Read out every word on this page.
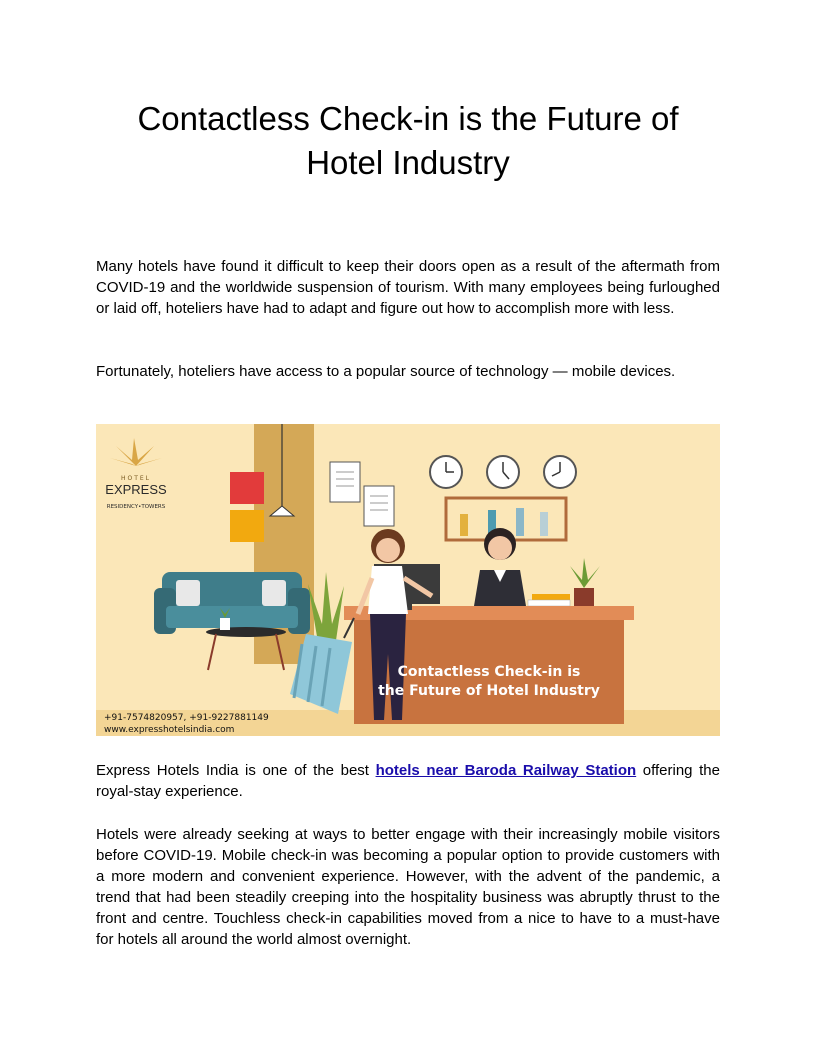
Contactless Check-in is the Future of Hotel Industry

Many hotels have found it difficult to keep their doors open as a result of the aftermath from COVID-19 and the worldwide suspension of tourism. With many employees being furloughed or laid off, hoteliers have had to adapt and figure out how to accomplish more with less.

Fortunately, hoteliers have access to a popular source of technology — mobile devices.

Contactless Check-in is
the Future of Hotel Industry
HOTEL
EXPRESS
RESIDENCY•TOWERS
+91-7574820957, +91-9227881149
www.expresshotelsindia.com

Express Hotels India is one of the best hotels near Baroda Railway Station offering the royal-stay experience.

Hotels were already seeking at ways to better engage with their increasingly mobile visitors before COVID-19. Mobile check-in was becoming a popular option to provide customers with a more modern and convenient experience. However, with the advent of the pandemic, a trend that had been steadily creeping into the hospitality business was abruptly thrust to the front and centre. Touchless check-in capabilities moved from a nice to have to a must-have for hotels all around the world almost overnight.
